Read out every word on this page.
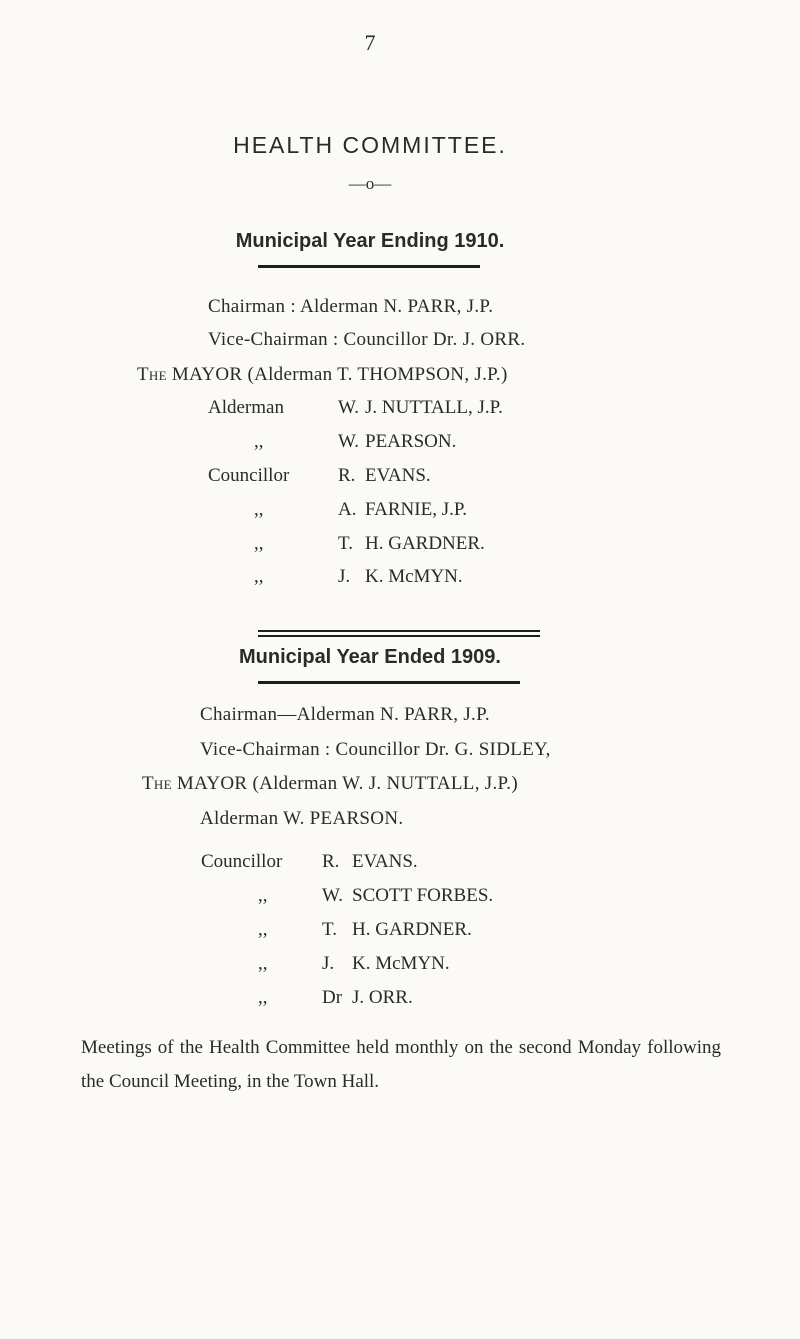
7
HEALTH COMMITTEE.
—o—
Municipal Year Ending 1910.
Chairman : Alderman N. PARR, J.P.
Vice-Chairman : Councillor Dr. J. ORR.
The MAYOR (Alderman T. THOMPSON, J.P.)
Alderman	W. J. NUTTALL, J.P.
,,	W. PEARSON.
Councillor	R. EVANS.
,,	A. FARNIE, J.P.
,,	T. H. GARDNER.
,,	J. K. McMYN.
Municipal Year Ended 1909.
Chairman—Alderman N. PARR, J.P.
Vice-Chairman : Councillor Dr. G. SIDLEY,
The MAYOR (Alderman W. J. NUTTALL, J.P.)
Alderman W. PEARSON.
Councillor R. EVANS.
,,	W. SCOTT FORBES.
,,	T. H. GARDNER.
,,	J. K. McMYN.
,,	Dr J. ORR.
Meetings of the Health Committee held monthly on the second Monday following the Council Meeting, in the Town Hall.
